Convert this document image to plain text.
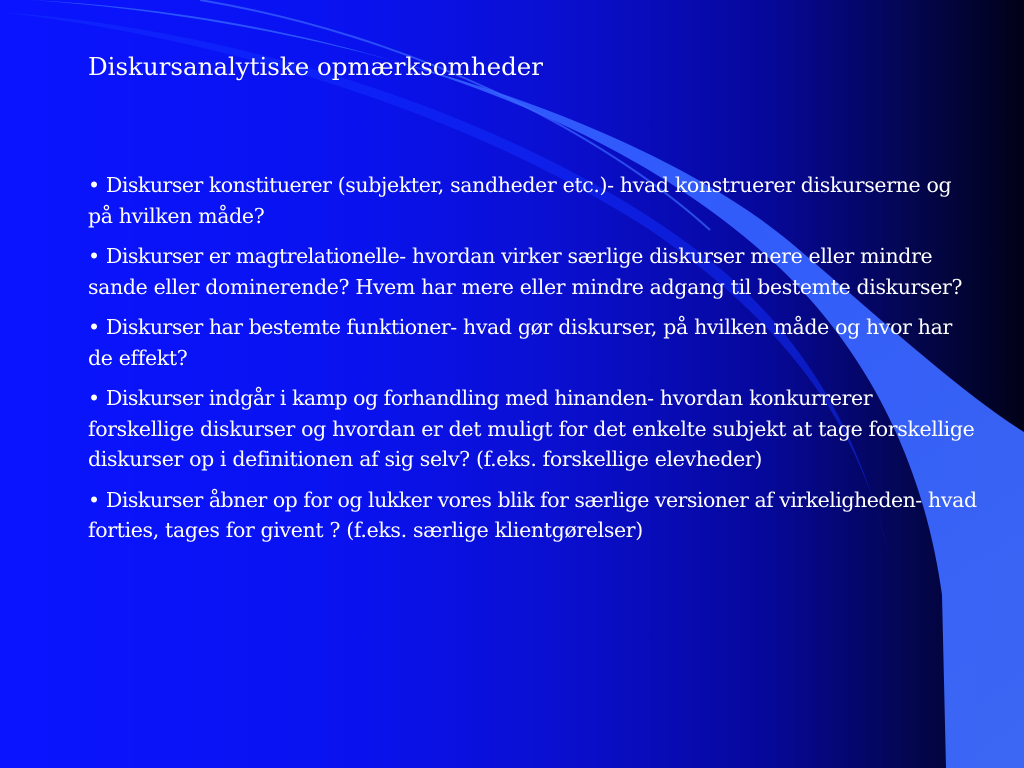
Diskursanalytiske opmærksomheder

• Diskurser konstituerer (subjekter, sandheder etc.)- hvad konstruerer diskurserne og på hvilken måde?

• Diskurser er magtrelationelle- hvordan virker særlige diskurser mere eller mindre sande eller dominerende? Hvem har mere eller mindre adgang til bestemte diskurser?

• Diskurser har bestemte funktioner- hvad gør diskurser, på hvilken måde og hvor har de effekt?

• Diskurser indgår i kamp og forhandling med hinanden- hvordan konkurrerer forskellige diskurser og hvordan er det muligt for det enkelte subjekt at tage forskellige diskurser op i definitionen af sig selv? (f.eks. forskellige elevheder)

• Diskurser åbner op for og lukker vores blik for særlige versioner af virkeligheden- hvad forties, tages for givent ? (f.eks. særlige klientgørelser)
